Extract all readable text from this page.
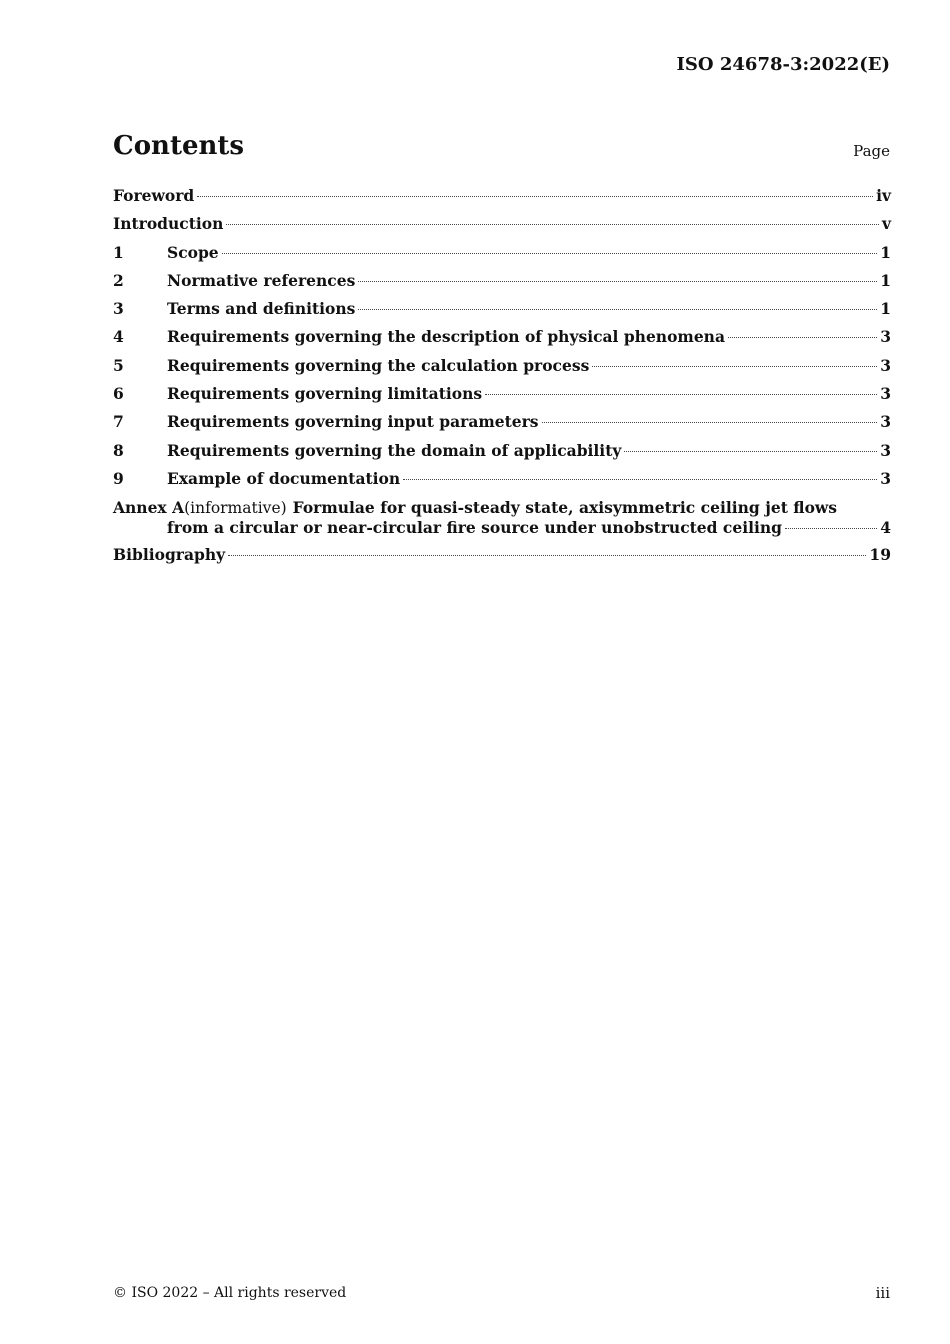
ISO 24678-3:2022(E)
Contents	Page
Foreword	iv
Introduction	v
1	Scope	1
2	Normative references	1
3	Terms and definitions	1
4	Requirements governing the description of physical phenomena	3
5	Requirements governing the calculation process	3
6	Requirements governing limitations	3
7	Requirements governing input parameters	3
8	Requirements governing the domain of applicability	3
9	Example of documentation	3
Annex A (informative) Formulae for quasi-steady state, axisymmetric ceiling jet flows
from a circular or near-circular fire source under unobstructed ceiling	4
Bibliography	19
© ISO 2022 – All rights reserved	iii
